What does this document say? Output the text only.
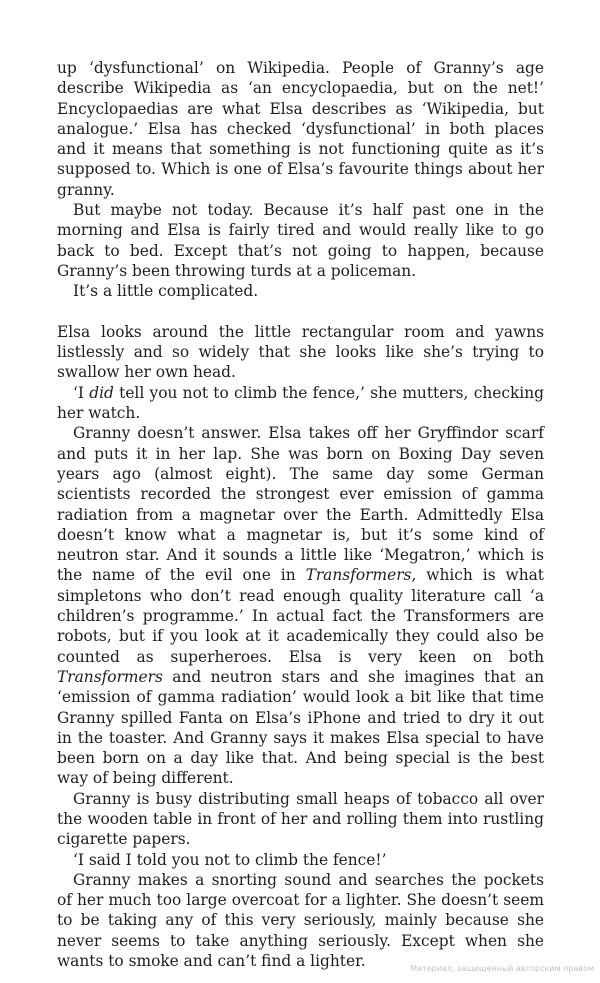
up ‘dysfunctional’ on Wikipedia. People of Granny’s age describe Wikipedia as ‘an encyclopaedia, but on the net!’ Encyclopaedias are what Elsa describes as ‘Wikipedia, but analogue.’ Elsa has checked ‘dysfunctional’ in both places and it means that something is not functioning quite as it’s supposed to. Which is one of Elsa’s favourite things about her granny.

But maybe not today. Because it’s half past one in the morning and Elsa is fairly tired and would really like to go back to bed. Except that’s not going to happen, because Granny’s been throwing turds at a policeman.

It’s a little complicated.

Elsa looks around the little rectangular room and yawns listlessly and so widely that she looks like she’s trying to swallow her own head.

‘I did tell you not to climb the fence,’ she mutters, checking her watch.

Granny doesn’t answer. Elsa takes off her Gryffindor scarf and puts it in her lap. She was born on Boxing Day seven years ago (almost eight). The same day some German scientists recorded the strongest ever emission of gamma radiation from a magnetar over the Earth. Admittedly Elsa doesn’t know what a magnetar is, but it’s some kind of neutron star. And it sounds a little like ‘Megatron,’ which is the name of the evil one in Transformers, which is what simpletons who don’t read enough quality literature call ‘a children’s programme.’ In actual fact the Transformers are robots, but if you look at it academically they could also be counted as superheroes. Elsa is very keen on both Transformers and neutron stars and she imagines that an ‘emission of gamma radiation’ would look a bit like that time Granny spilled Fanta on Elsa’s iPhone and tried to dry it out in the toaster. And Granny says it makes Elsa special to have been born on a day like that. And being special is the best way of being different.

Granny is busy distributing small heaps of tobacco all over the wooden table in front of her and rolling them into rustling cigarette papers.

‘I said I told you not to climb the fence!’

Granny makes a snorting sound and searches the pockets of her much too large overcoat for a lighter. She doesn’t seem to be taking any of this very seriously, mainly because she never seems to take anything seriously. Except when she wants to smoke and can’t find a lighter.	Материал, защищенный авторским правом
